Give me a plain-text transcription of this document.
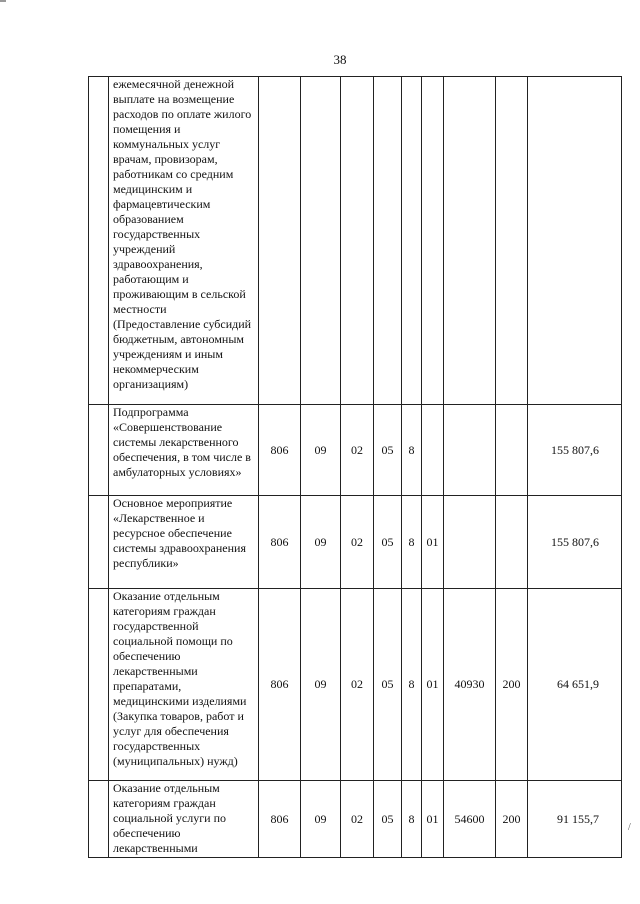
38
	ежемесячной денежной выплате на возмещение расходов по оплате жилого помещения и коммунальных услуг врачам, провизорам, работникам со средним медицинским и фармацевтическим образованием государственных учреждений здравоохранения, работающим и проживающим в сельской местности (Предоставление субсидий бюджетным, автономным учреждениям и иным некоммерческим организациям)									
	Подпрограмма «Совершенствование системы лекарственного обеспечения, в том числе в амбулаторных условиях»	806	09	02	05	8				155 807,6
	Основное мероприятие «Лекарственное и ресурсное обеспечение системы здравоохранения республики»	806	09	02	05	8	01			155 807,6
	Оказание отдельным категориям граждан государственной социальной помощи по обеспечению лекарственными препаратами, медицинскими изделиями (Закупка товаров, работ и услуг для обеспечения государственных (муниципальных) нужд)	806	09	02	05	8	01	40930	200	64 651,9
	Оказание отдельным категориям граждан социальной услуги по обеспечению лекарственными	806	09	02	05	8	01	54600	200	91 155,7
/
